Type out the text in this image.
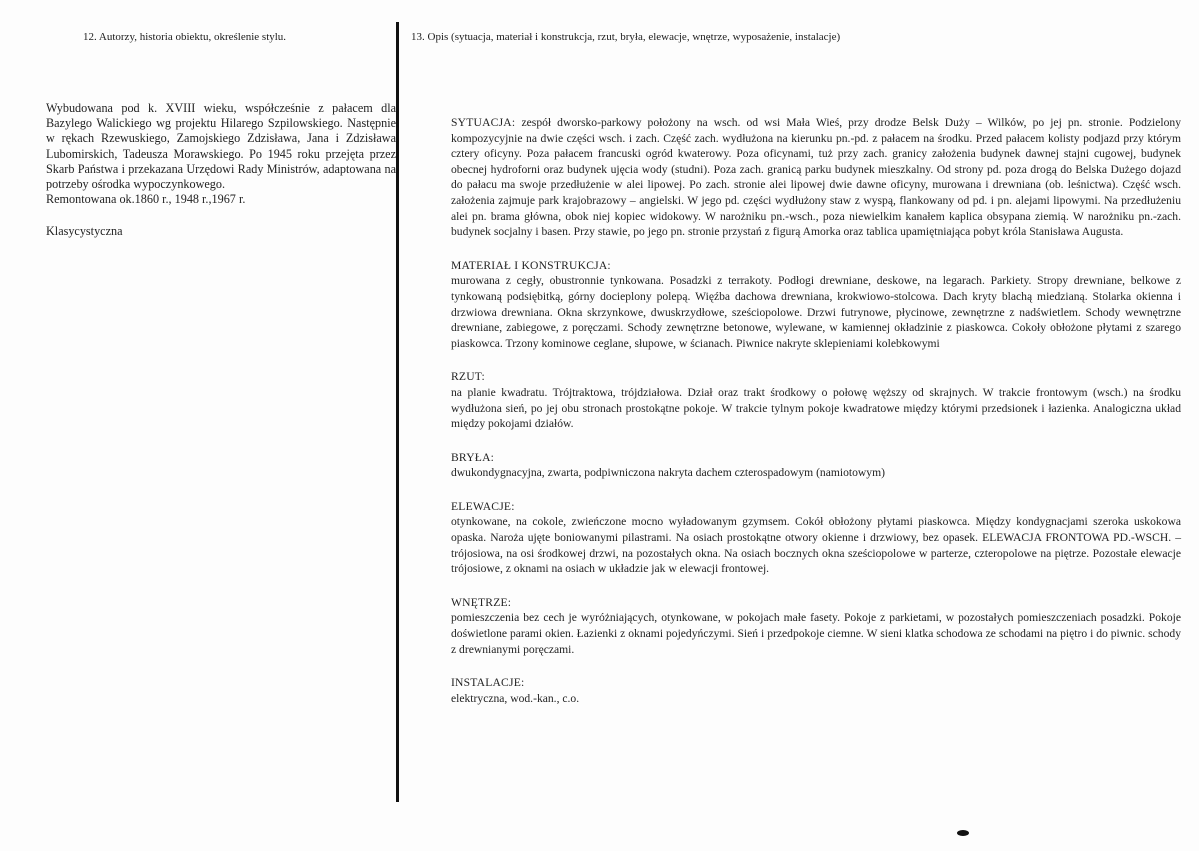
12. Autorzy, historia obiektu, określenie stylu.

Wybudowana pod k. XVIII wieku, współcześnie z pałacem dla Bazylego Walickiego wg projektu Hilarego Szpilowskiego. Następnie w rękach Rzewuskiego, Zamojskiego Zdzisława, Jana i Zdzisława Lubomirskich, Tadeusza Morawskiego. Po 1945 roku przejęta przez Skarb Państwa i przekazana Urzędowi Rady Ministrów, adaptowana na potrzeby ośrodka wypoczynkowego.

Remontowana ok.1860 r., 1948 r.,1967 r.

Klasycystyczna

13. Opis (sytuacja, materiał i konstrukcja, rzut, bryła, elewacje, wnętrze, wyposażenie, instalacje)

SYTUACJA:

zespół dworsko-parkowy położony na wsch. od wsi Mała Wieś, przy drodze Belsk Duży – Wilków, po jej pn. stronie. Podzielony kompozycyjnie na dwie części wsch. i zach. Część zach. wydłużona na kierunku pn.-pd. z pałacem na środku. Przed pałacem kolisty podjazd przy którym cztery oficyny. Poza pałacem francuski ogród kwaterowy. Poza oficynami, tuż przy zach. granicy założenia budynek dawnej stajni cugowej, budynek obecnej hydroforni oraz budynek ujęcia wody (studni). Poza zach. granicą parku budynek mieszkalny. Od strony pd. poza drogą do Belska Dużego dojazd do pałacu ma swoje przedłużenie w alei lipowej. Po zach. stronie alei lipowej dwie dawne oficyny, murowana i drewniana (ob. leśnictwa). Część wsch. założenia zajmuje park krajobrazowy – angielski. W jego pd. części wydłużony staw z wyspą, flankowany od pd. i pn. alejami lipowymi. Na przedłużeniu alei pn. brama główna, obok niej kopiec widokowy. W narożniku pn.-wsch., poza niewielkim kanałem kaplica obsypana ziemią. W narożniku pn.-zach. budynek socjalny i basen. Przy stawie, po jego pn. stronie przystań z figurą Amorka oraz tablica upamiętniająca pobyt króla Stanisława Augusta.

MATERIAŁ I KONSTRUKCJA:

murowana z cegły, obustronnie tynkowana. Posadzki z terrakoty. Podłogi drewniane, deskowe, na legarach. Parkiety. Stropy drewniane, belkowe z tynkowaną podsiębitką, górny docieplony polepą. Więźba dachowa drewniana, krokwiowo-stolcowa. Dach kryty blachą miedzianą. Stolarka okienna i drzwiowa drewniana. Okna skrzynkowe, dwuskrzydłowe, sześciopolowe. Drzwi futrynowe, płycinowe, zewnętrzne z nadświetlem. Schody wewnętrzne drewniane, zabiegowe, z poręczami. Schody zewnętrzne betonowe, wylewane, w kamiennej okładzinie z piaskowca. Cokoły obłożone płytami z szarego piaskowca. Trzony kominowe ceglane, słupowe, w ścianach. Piwnice nakryte sklepieniami kolebkowymi

RZUT:

na planie kwadratu. Trójtraktowa, trójdziałowa. Dział oraz trakt środkowy o połowę węższy od skrajnych. W trakcie frontowym (wsch.) na środku wydłużona sień, po jej obu stronach prostokątne pokoje. W trakcie tylnym pokoje kwadratowe między którymi przedsionek i łazienka. Analogiczna układ między pokojami działów.

BRYŁA:

dwukondygnacyjna, zwarta, podpiwniczona nakryta dachem czterospadowym (namiotowym)

ELEWACJE:

otynkowane, na cokole, zwieńczone mocno wyładowanym gzymsem. Cokół obłożony płytami piaskowca. Między kondygnacjami szeroka uskokowa opaska. Naroża ujęte boniowanymi pilastrami. Na osiach prostokątne otwory okienne i drzwiowy, bez opasek. ELEWACJA FRONTOWA PD.-WSCH. – trójosiowa, na osi środkowej drzwi, na pozostałych okna. Na osiach bocznych okna sześciopolowe w parterze, czteropolowe na piętrze. Pozostałe elewacje trójosiowe, z oknami na osiach w układzie jak w elewacji frontowej.

WNĘTRZE:

pomieszczenia bez cech je wyróżniających, otynkowane, w pokojach małe fasety. Pokoje z parkietami, w pozostałych pomieszczeniach posadzki. Pokoje doświetlone parami okien. Łazienki z oknami pojedyńczymi. Sień i przedpokoje ciemne. W sieni klatka schodowa ze schodami na piętro i do piwnic. schody z drewnianymi poręczami.

INSTALACJE:

elektryczna, wod.-kan., c.o.
